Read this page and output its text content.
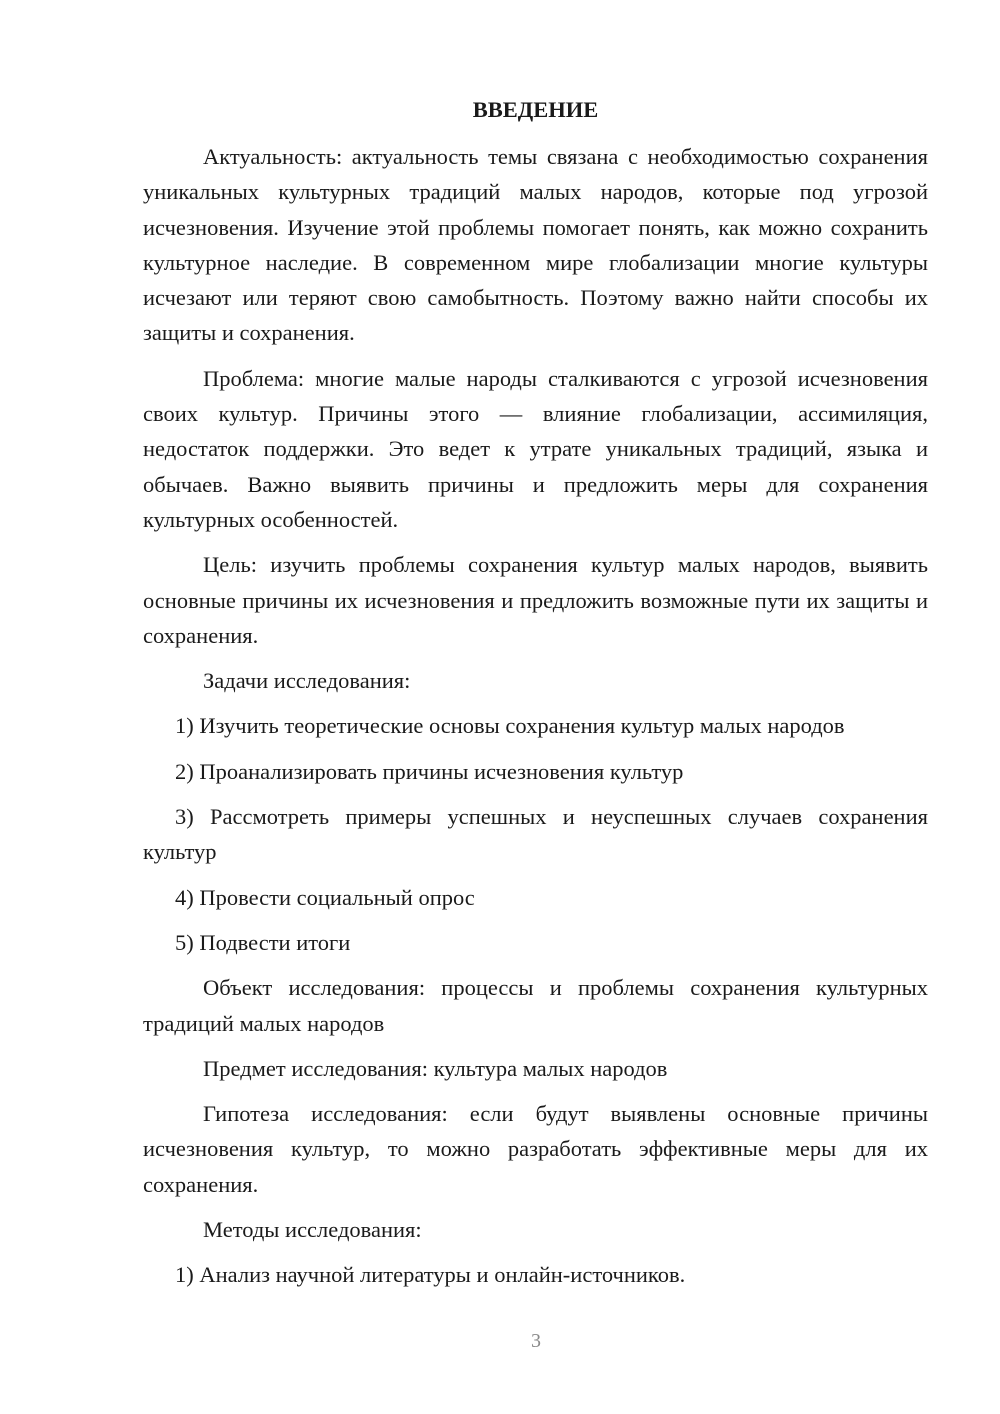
ВВЕДЕНИЕ

Актуальность: актуальность темы связана с необходимостью сохранения уникальных культурных традиций малых народов, которые под угрозой исчезновения. Изучение этой проблемы помогает понять, как можно сохранить культурное наследие. В современном мире глобализации многие культуры исчезают или теряют свою самобытность. Поэтому важно найти способы их защиты и сохранения.

Проблема: многие малые народы сталкиваются с угрозой исчезновения своих культур. Причины этого — влияние глобализации, ассимиляция, недостаток поддержки. Это ведет к утрате уникальных традиций, языка и обычаев. Важно выявить причины и предложить меры для сохранения культурных особенностей.

Цель: изучить проблемы сохранения культур малых народов, выявить основные причины их исчезновения и предложить возможные пути их защиты и сохранения.

Задачи исследования:

1) Изучить теоретические основы сохранения культур малых народов

2) Проанализировать причины исчезновения культур

3) Рассмотреть примеры успешных и неуспешных случаев сохранения культур

4) Провести социальный опрос

5) Подвести итоги

Объект исследования: процессы и проблемы сохранения культурных традиций малых народов

Предмет исследования: культура малых народов

Гипотеза исследования: если будут выявлены основные причины исчезновения культур, то можно разработать эффективные меры для их сохранения.

Методы исследования:

1) Анализ научной литературы и онлайн-источников.

3
